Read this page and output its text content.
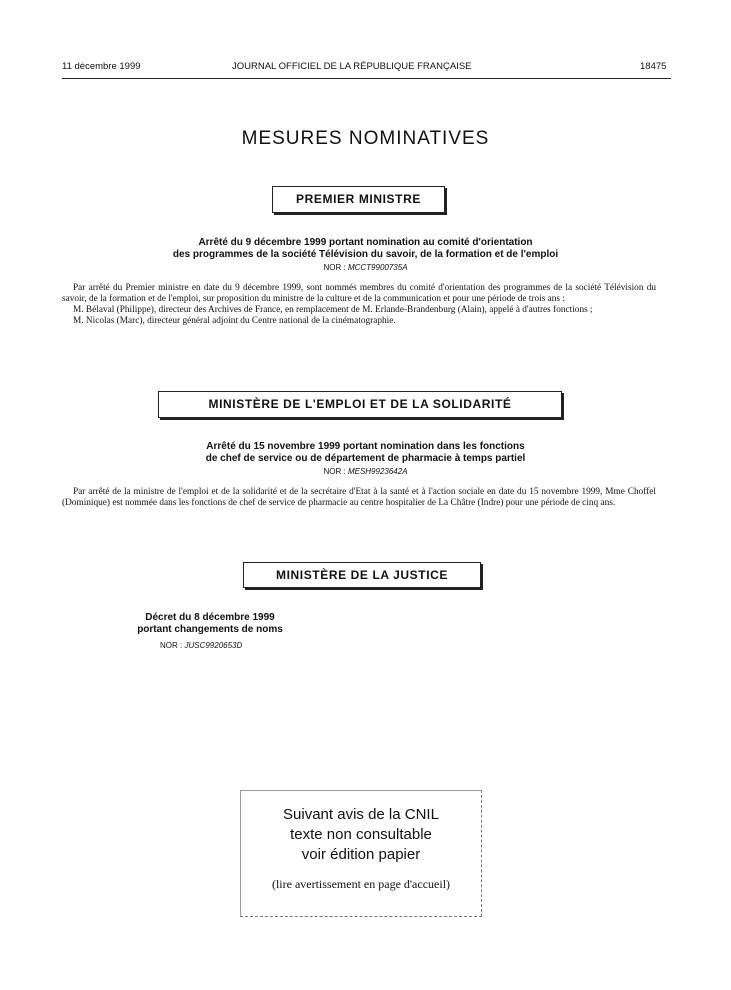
11 décembre 1999	JOURNAL OFFICIEL DE LA RÉPUBLIQUE FRANÇAISE	18475
MESURES NOMINATIVES
PREMIER MINISTRE
Arrêté du 9 décembre 1999 portant nomination au comité d'orientation
des programmes de la société Télévision du savoir, de la formation et de l'emploi
NOR : MCCT9900735A

Par arrêté du Premier ministre en date du 9 décembre 1999, sont nommés membres du comité d'orientation des programmes de la société Télévision du savoir, de la formation et de l'emploi, sur proposition du ministre de la culture et de la communication et pour une période de trois ans :

M. Bélaval (Philippe), directeur des Archives de France, en remplacement de M. Erlande-Brandenburg (Alain), appelé à d'autres fonctions ;

M. Nicolas (Marc), directeur général adjoint du Centre national de la cinématographie.

MINISTÈRE DE L'EMPLOI ET DE LA SOLIDARITÉ
Arrêté du 15 novembre 1999 portant nomination dans les fonctions
de chef de service ou de département de pharmacie à temps partiel
NOR : MESH9923642A

Par arrêté de la ministre de l'emploi et de la solidarité et de la secrétaire d'Etat à la santé et à l'action sociale en date du 15 novembre 1999, Mme Choffel (Dominique) est nommée dans les fonctions de chef de service de pharmacie au centre hospitalier de La Châtre (Indre) pour une période de cinq ans.

MINISTÈRE DE LA JUSTICE
Décret du 8 décembre 1999
portant changements de noms
NOR : JUSC9920653D
Suivant avis de la CNIL
texte non consultable
voir édition papier
(lire avertissement en page d'accueil)
